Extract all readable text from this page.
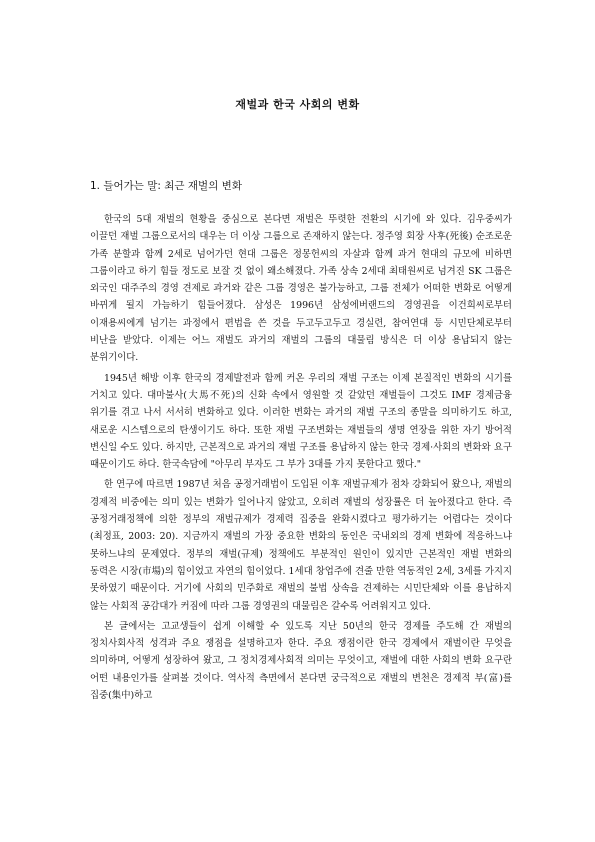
재벌과 한국 사회의 변화
1. 들어가는 말: 최근 재벌의 변화

한국의 5대 재벌의 현황을 중심으로 본다면 재벌은 뚜렷한 전환의 시기에 와 있다. 김우중씨가 이끌던 재벌 그룹으로서의 대우는 더 이상 그룹으로 존재하지 않는다. 정주영 회장 사후(死後) 순조로운 가족 분할과 함께 2세로 넘어가던 현대 그룹은 정몽헌씨의 자살과 함께 과거 현대의 규모에 비하면 그룹이라고 하기 힘들 정도로 보잘 것 없이 왜소해졌다. 가족 상속 2세대 최태원씨로 넘겨진 SK 그룹은 외국인 대주주의 경영 견제로 과거와 같은 그룹 경영은 불가능하고, 그룹 전체가 어떠한 변화로 어떻게 바뀌게 될지 가늠하기 힘들어졌다. 삼성은 1996년 삼성에버랜드의 경영권을 이건희씨로부터 이재용씨에게 넘기는 과정에서 편법을 쓴 것을 두고두고두고 경실련, 참여연대 등 시민단체로부터 비난을 받았다. 이제는 어느 재벌도 과거의 재벌의 그룹의 대물림 방식은 더 이상 용납되지 않는 분위기이다.

1945년 해방 이후 한국의 경제발전과 함께 커온 우리의 재벌 구조는 이제 본질적인 변화의 시기를 거치고 있다. 대마불사(大馬不死)의 신화 속에서 영원할 것 같았던 재벌들이 그것도 IMF 경제금융 위기를 겪고 나서 서서히 변화하고 있다. 이러한 변화는 과거의 재벌 구조의 종말을 의미하기도 하고, 새로운 시스템으로의 탄생이기도 하다. 또한 재벌 구조변화는 재벌들의 생명 연장을 위한 자기 방어적 변신일 수도 있다. 하지만, 근본적으로 과거의 재벌 구조를 용납하지 않는 한국 경제·사회의 변화와 요구 때문이기도 하다. 한국속담에 "아무리 부자도 그 부가 3대를 가지 못한다고 했다."

한 연구에 따르면 1987년 처음 공정거래법이 도입된 이후 재벌규제가 점차 강화되어 왔으나, 재벌의 경제적 비중에는 의미 있는 변화가 일어나지 않았고, 오히려 재벌의 성장률은 더 높아졌다고 한다. 즉 공정거래정책에 의한 정부의 재벌규제가 경제력 집중을 완화시켰다고 평가하기는 어렵다는 것이다(최정표, 2003: 20). 지금까지 재벌의 가장 중요한 변화의 동인은 국내외의 경제 변화에 적응하느냐 못하느냐의 문제였다. 정부의 재벌(규제) 정책에도 부분적인 원인이 있지만 근본적인 재벌 변화의 동력은 시장(市場)의 힘이었고 자연의 힘이었다. 1세대 창업주에 견줄 만한 역동적인 2세, 3세를 가지지 못하였기 때문이다. 거기에 사회의 민주화로 재벌의 불법 상속을 견제하는 시민단체와 이를 용납하지 않는 사회적 공감대가 커짐에 따라 그룹 경영권의 대물림은 갈수록 어려워지고 있다.

본 글에서는 고교생들이 쉽게 이해할 수 있도록 지난 50년의 한국 경제를 주도해 간 재벌의 정치사회사적 성격과 주요 쟁점을 설명하고자 한다. 주요 쟁점이란 한국 경제에서 재벌이란 무엇을 의미하며, 어떻게 성장하여 왔고, 그 정치경제사회적 의미는 무엇이고, 재벌에 대한 사회의 변화 요구란 어떤 내용인가를 살펴볼 것이다. 역사적 측면에서 본다면 궁극적으로 재벌의 변천은 경제적 부(富)를 집중(集中)하고
